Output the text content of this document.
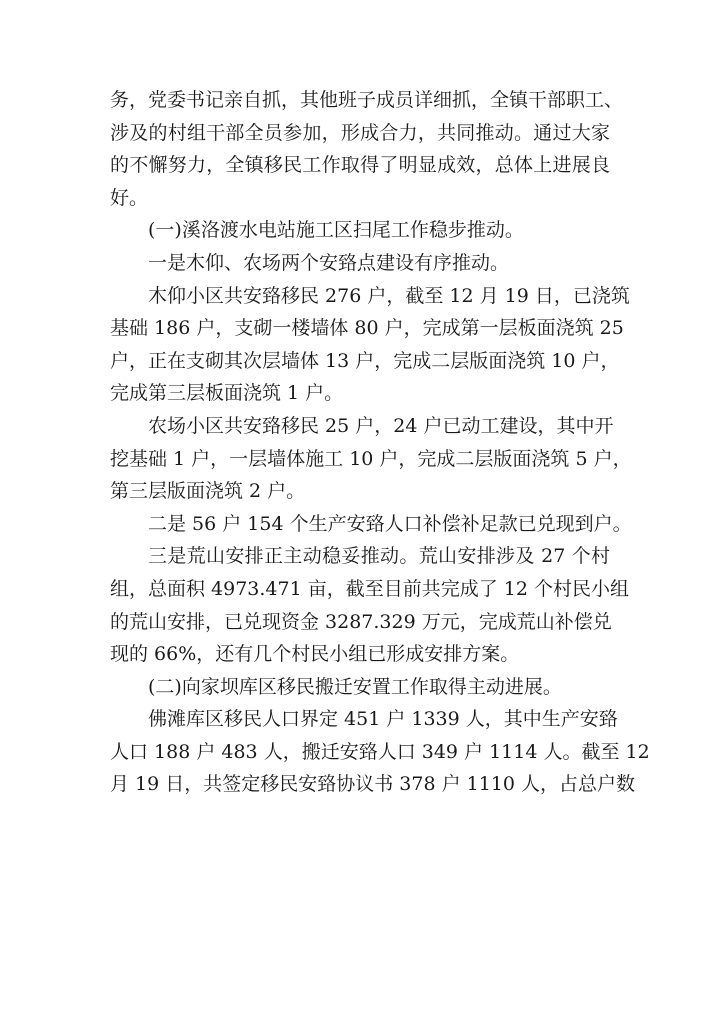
务，党委书记亲自抓，其他班子成员详细抓，全镇干部职工、
涉及的村组干部全员参加，形成合力，共同推动。通过大家
的不懈努力，全镇移民工作取得了明显成效，总体上进展良
好。
(一)溪洛渡水电站施工区扫尾工作稳步推动。
一是木仰、农场两个安臵点建设有序推动。
木仰小区共安臵移民 276 户，截至 12 月 19 日，已浇筑
基础 186 户，支砌一楼墙体 80 户，完成第一层板面浇筑 25
户，正在支砌其次层墙体 13 户，完成二层版面浇筑 10 户，
完成第三层板面浇筑 1 户。
农场小区共安臵移民 25 户，24 户已动工建设，其中开
挖基础 1 户，一层墙体施工 10 户，完成二层版面浇筑 5 户，
第三层版面浇筑 2 户。
二是 56 户 154 个生产安臵人口补偿补足款已兑现到户。
三是荒山安排正主动稳妥推动。荒山安排涉及 27 个村
组，总面积 4973.471 亩，截至目前共完成了 12 个村民小组
的荒山安排，已兑现资金 3287.329 万元，完成荒山补偿兑
现的 66%，还有几个村民小组已形成安排方案。
(二)向家坝库区移民搬迁安置工作取得主动进展。
佛滩库区移民人口界定 451 户 1339 人，其中生产安臵
人口 188 户 483 人，搬迁安臵人口 349 户 1114 人。截至 12
月 19 日，共签定移民安臵协议书 378 户 1110 人，占总户数
